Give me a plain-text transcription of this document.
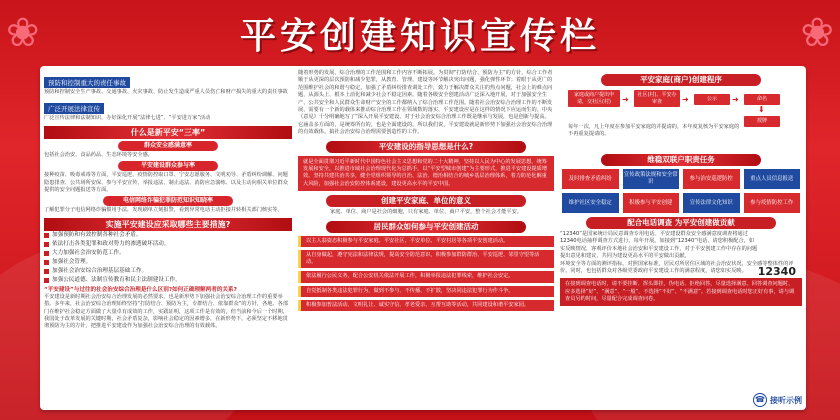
❀	平安创建知识宣传栏	❀
预防和控制重大的责任事故
预防和控制安全生产事故、交通事故、火灾事故、防止发生造成严重人员伤亡和财产损失的重大的责任事故
广泛开展法律宣传
广泛宣传法律和法制知识，办好深化开展“法律七进”、“平安进万家”活动
什么是新平安“三率”
群众安全感满意率
包括社会治安、食品药品、生态环境等安全感。
平安建设群众参与率
接种疫苗、吸毒戒毒等方面，平安巡逻、疫情防控取口罩、宁安志愿服务、文明劝导、矛盾纠纷调解、问题隐患排查、公共场所安保、参与平安宣传、举报违法、制止违法、消防应急演练、以及主动向相关单位群众提供的安全问题报送等方面。
电信网络诈骗犯罪防范知识知晓率
了解犯罪分子电信网络诈骗惯用手法，发现刷单立刻报警，看到异常电话主动拒接并转相关部门核实等。
实施平安建设应采取哪些主要措施?
加强预防和有效控制各种社会矛盾。
依法打击各类犯罪和政对势力的渗透破坏活动。
大力加强社会治安防范工作。
加强社会管理。
加强社会治安综合治理基层基础工作。
加强公民道德、法制宣传教育和民主法制建设工作。
“平安建设”与过往的社会治安综合治理是什么区别?如何正确理解两者的关系?
平安建设是新时期社会治安综合治理发展的必然要求。也是新形势下加强社会治安综合治理工作的重要举措。多年来，社会治安综合治理始终坚持“打防结合、预防为主，专群结合、依靠群众”的方针，各地、各部门在维护社会稳定方面做了大量卓有成效的工作，实践证明，这项工作是有效的，但当前和今后一个时期，我国处于改革发展的关键时期，社会矛盾复杂，影响社会稳定的因素增多，在新形势下，必须坚定不移地贯彻预防为主的方针，把推进平安建设作为加强社会治安综合治理的有效载体。
随着形势的发展，综合治理的工作范围和工作内容不断拓展。为贯彻“打防结合、预防为主”的方针，综合工作者顺于从更深的层次预防和减少犯罪，从教育、管理、建设等环节解决突出问题，强化弹性环节；着眼于从更广的范围维护社会的和谐与稳定，加强了矛盾纠纷排查调处工作，致力于解决群众关注的热点问题，社会上的难点问题，从源头上、根本上消化和减少社会不稳定因素。随着各级安全创建活动广泛深入地开展，对于加强安全生产、公共安全和人民群众生命财产安全的工作都纳入了综合治理工作范围。随着社会治安综合治理工作的不断发展，需要有一个新的载体来推动综合治理工作在领域数的落实，平安建设应是在这样的情况下应运而生的。中央《意见》十分明确地写了“深入开展平安建设，对于社会治安综合治理工作既是继承与发展，也是创新与提高。它涵盖多方面的，是统筹所有的，也是全面建设的。所以我们说，平安建设就是新形势下加强社会治安综合治理的有效载体。搞社会治安综合治理需要创造性的工作。
平安建设的指导思想是什么?
就是全面贯彻习近平新时代中国特色社会主义思想和党的二十大精神，坚持以人民为中心的发展思想，统筹发展和安全，以推进市域社会治理现代化为总抓手，以“平安型城市创建”为主要形式，推进平安建设提质增效。坚持共建共治共享，健全党组织领导的自治、法治、德治相结合的城乡基层治理体系，着力防范化解重大风险，加强社会治安防控体系建设，建设更高水平的平安中国。
创建平安家庭、单位的意义
家庭、单位、商户是社会的细胞，只有家庭、单位、商户平安，整个社会才能平安。
居民群众如何参与平安创建活动
以主人翁姿态积极参与平安家庭、平安社区、平安单位、平安村居等各项平安创建活动。
从自身做起，遵守宪法和法律法规，提高安全防范意识，积极参加群防群治、平安巡逻、邻里守望等活动。
依法履行公民义务，配合公安机关依法开展工作，积极举报违法犯罪线索，维护社会安定。
自觉抵制各类违法犯罪行为，做到不参与、不传播、不扩散，坚决同违法犯罪行为作斗争。
积极参加普法活动、文明礼让、诚实守信、孝老爱亲、互帮互助等活动，共同建设和谐平安家园。
平安家庭(商户)创建程序
家庭或商户提出申请，交社区(村)	➜	社区(村)、平安办审查	➜	公示	➜	命名
⬇
授牌
每年一次，凡上年度在参加平安家庭的并提请的，本年度复核为平安家庭的不再重复提请的。
维稳双联户职责任务
及时排查矛盾纠纷
宣传政策法规和安全常识
参与治安巡逻防控	重点人员信息报送
维护社区安全稳定	积极参与平安创建	宣传法律文化知识	参与疫情防控工作
配合电话调查 为平安创建做贡献
“12340”是国家统计局民意调查专用电话。平安建设群众安全感满意度调查将通过12340电话抽样调查方式进行，每年开展。如接到“12340”电话，请您积极配合，如实反映情况，客观评价本地社会治安和平安建设工作，对于平安创建工作中存在的问题提出意见和建议，共同为建设更高水平的平安做出贡献。
12340
环境安全等方面的测评指标，对照国家标准，居民对所居住区域的社会治安状况，安全感等整体性的评价。同时，也包括群众对各级党委政府平安建设工作的满意程度，请您如实反映。
在接到调查电话时，请不要挂断、挥头即挂，伪电话、拒绝回答，尽量选择满意。回答调查问题时，应多选择“好”、“满意”、“一般”，不选择“不好”、“不满意”。若接到调查电话时您正好有事，请与调查员另约时间，尽量配合完成调查问卷。
☎ 接听示例
